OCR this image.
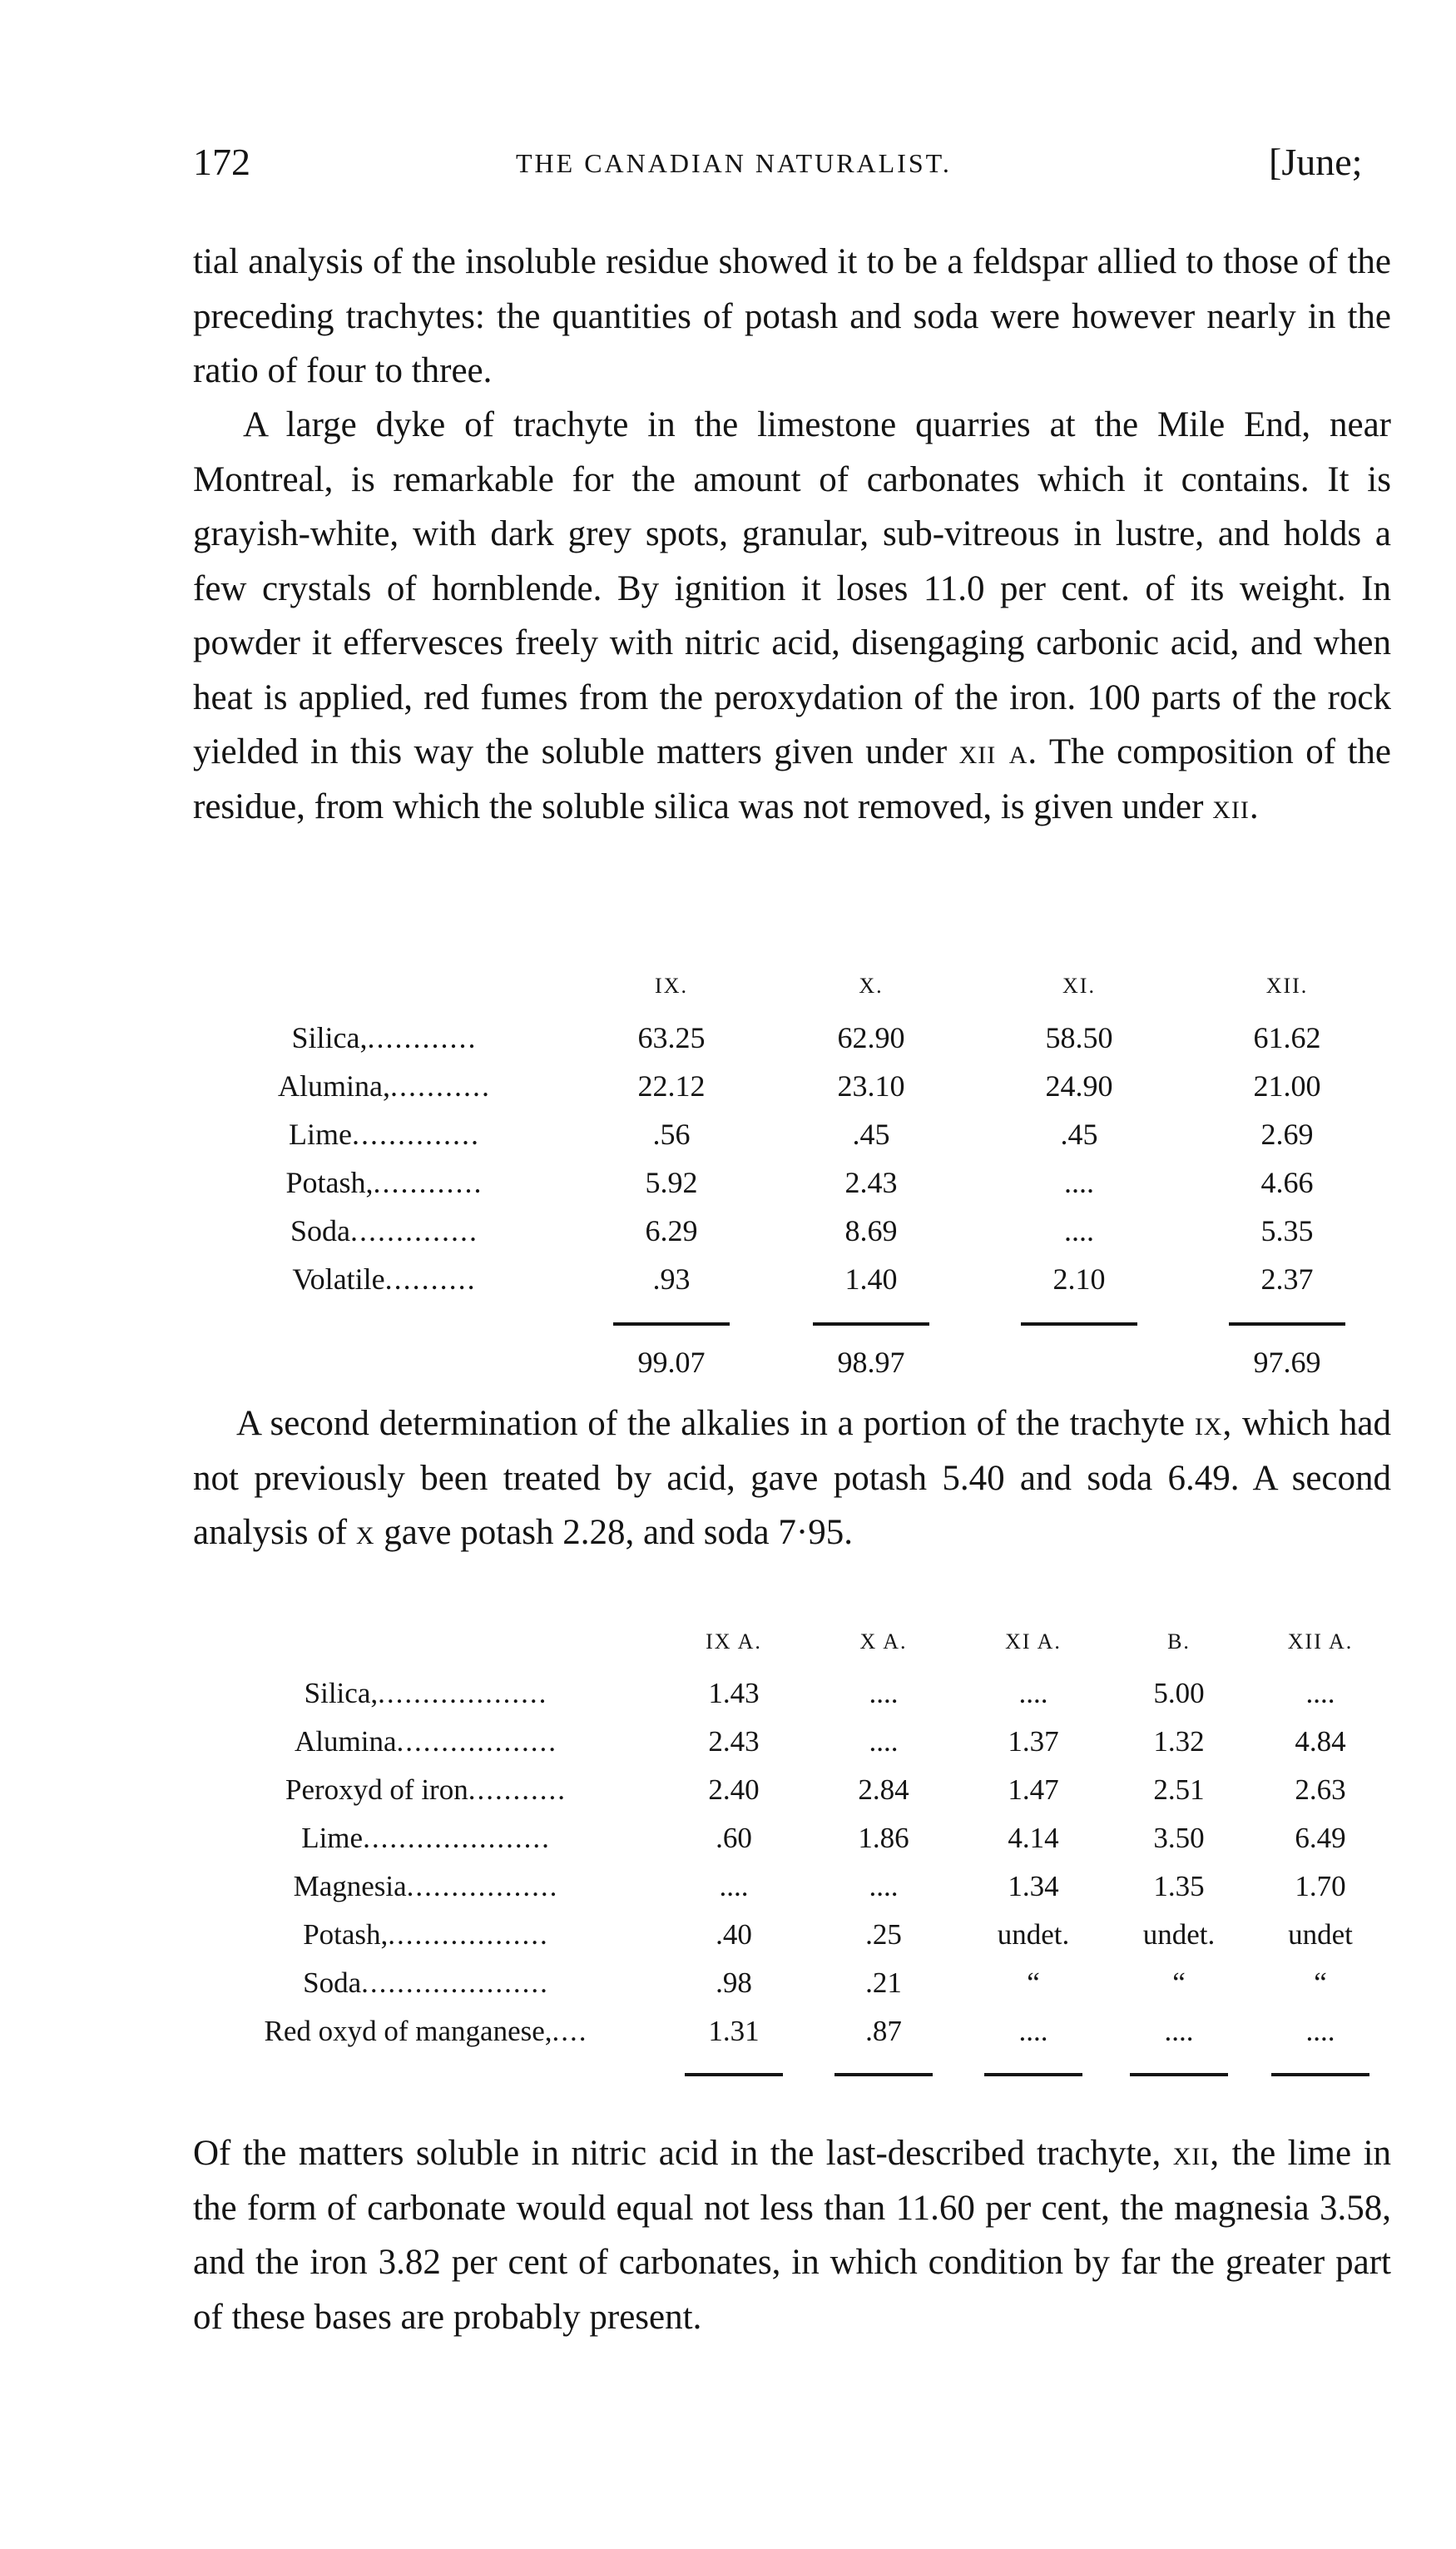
172	THE CANADIAN NATURALIST.	[June;

tial analysis of the insoluble residue showed it to be a feldspar allied to those of the preceding trachytes: the quantities of potash and soda were however nearly in the ratio of four to three.

A large dyke of trachyte in the limestone quarries at the Mile End, near Montreal, is remarkable for the amount of carbonates which it contains. It is grayish-white, with dark grey spots, granular, sub-vitreous in lustre, and holds a few crystals of hornblende. By ignition it loses 11.0 per cent. of its weight. In powder it effervesces freely with nitric acid, disengaging carbonic acid, and when heat is applied, red fumes from the peroxydation of the iron. 100 parts of the rock yielded in this way the soluble matters given under xii a. The composition of the residue, from which the soluble silica was not removed, is given under xii.

	IX.	X.	XI.	XII.
Silica,............	63.25	62.90	58.50	61.62
Alumina,...........	22.12	23.10	24.90	21.00
Lime..............	.56	.45	.45	2.69
Potash,............	5.92	2.43	....	4.66
Soda..............	6.29	8.69	....	5.35
Volatile..........	.93	1.40	2.10	2.37

	99.07	98.97		97.69

A second determination of the alkalies in a portion of the trachyte ix, which had not previously been treated by acid, gave potash 5.40 and soda 6.49. A second analysis of x gave potash 2.28, and soda 7·95.

	IX A.	X A.	XI A.	B.	XII A.
Silica,...................	1.43	....	....	5.00	....
Alumina..................	2.43	....	1.37	1.32	4.84
Peroxyd of iron...........	2.40	2.84	1.47	2.51	2.63
Lime.....................	.60	1.86	4.14	3.50	6.49
Magnesia.................	....	....	1.34	1.35	1.70
Potash,..................	.40	.25	undet.	undet.	undet
Soda.....................	.98	.21	“	“	“
Red oxyd of manganese,....	1.31	.87	....	....	....

Of the matters soluble in nitric acid in the last-described trachyte, xii, the lime in the form of carbonate would equal not less than 11.60 per cent, the magnesia 3.58, and the iron 3.82 per cent of carbonates, in which condition by far the greater part of these bases are probably present.
